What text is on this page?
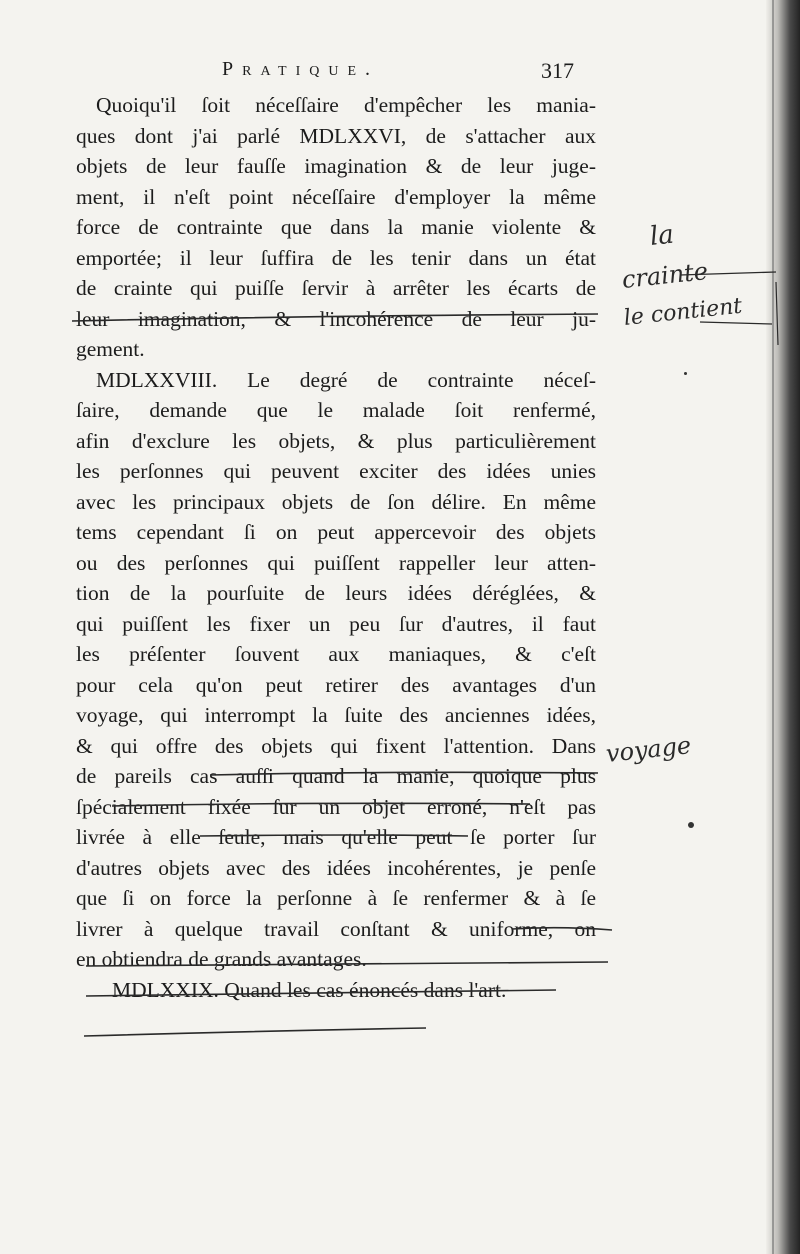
Pratique.	317
Quoiqu'il ſoit néceſſaire d'empêcher les mania-
ques dont j'ai parlé MDLXXVI, de s'attacher aux
objets de leur fauſſe imagination & de leur juge-
ment, il n'eſt point néceſſaire d'employer la même
force de contrainte que dans la manie violente &
emportée; il leur ſuffira de les tenir dans un état
de crainte qui puiſſe ſervir à arrêter les écarts de
leur imagination, & l'incohérence de leur ju-
gement.
MDLXXVIII. Le degré de contrainte néceſ-
ſaire, demande que le malade ſoit renfermé,
afin d'exclure les objets, & plus particulièrement
les perſonnes qui peuvent exciter des idées unies
avec les principaux objets de ſon délire. En même
tems cependant ſi on peut appercevoir des objets
ou des perſonnes qui puiſſent rappeller leur atten-
tion de la pourſuite de leurs idées déréglées, &
qui puiſſent les fixer un peu ſur d'autres, il faut
les préſenter ſouvent aux maniaques, & c'eſt
pour cela qu'on peut retirer des avantages d'un
voyage, qui interrompt la ſuite des anciennes idées,
& qui offre des objets qui fixent l'attention. Dans
de pareils cas auſſi quand la manie, quoique plus
ſpécialement fixée ſur un objet erroné, n'eſt pas
livrée à elle ſeule, mais qu'elle peut ſe porter ſur
d'autres objets avec des idées incohérentes, je penſe
que ſi on force la perſonne à ſe renfermer & à ſe
livrer à quelque travail conſtant & uniforme, on
en obtiendra de grands avantages.
MDLXXIX. Quand les cas énoncés dans l'art.
la
crainte
le contient
voyage
